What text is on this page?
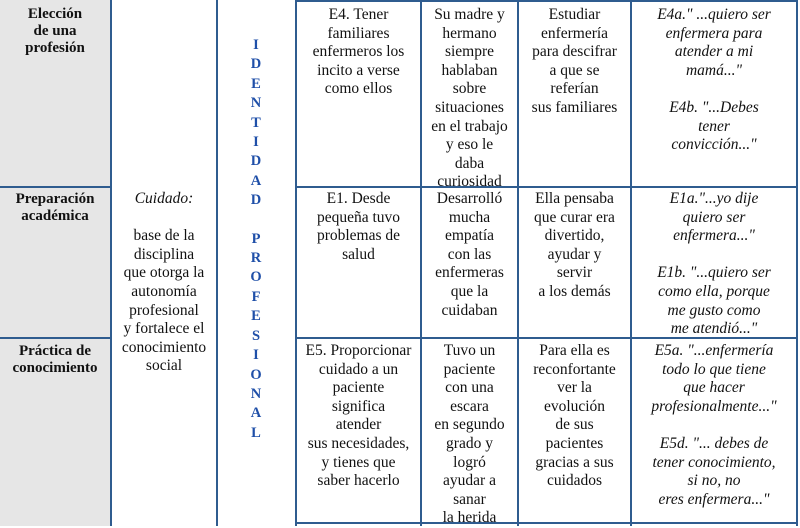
I
D
E
N
T
I
D
A
D
P
R
O
F
E
S
I
O
N
A
L
Elección
de una
profesión
E4. Tener
familiares
enfermeros los
incito a verse
como ellos
Su madre y
hermano
siempre
hablaban
sobre
situaciones
en el trabajo
y eso le
daba
curiosidad
Estudiar
enfermería
para descifrar
a que se
referían
sus familiares
E4a." ...quiero ser
enfermera para
atender a mi
mamá..."
E4b. "...Debes
tener
convicción..."
Preparación
académica
Cuidado:
base de la
disciplina
que otorga la
autonomía
profesional
y fortalece el
conocimiento
social
E1. Desde
pequeña tuvo
problemas de
salud
Desarrolló
mucha
empatía
con las
enfermeras
que la
cuidaban
Ella pensaba
que curar era
divertido,
ayudar y
servir
a los demás
E1a."...yo dije
quiero ser
enfermera..."
E1b. "...quiero ser
como ella, porque
me gusto como
me atendió..."
Práctica de
conocimiento
E5. Proporcionar
cuidado a un
paciente
significa
atender
sus necesidades,
y tienes que
saber hacerlo
Tuvo un
paciente
con una
escara
en segundo
grado y
logró
ayudar a
sanar
la herida
Para ella es
reconfortante
ver la
evolución
de sus
pacientes
gracias a sus
cuidados
E5a. "...enfermería
todo lo que tiene
que hacer
profesionalmente..."
E5d. "... debes de
tener conocimiento,
si no, no
eres enfermera..."
